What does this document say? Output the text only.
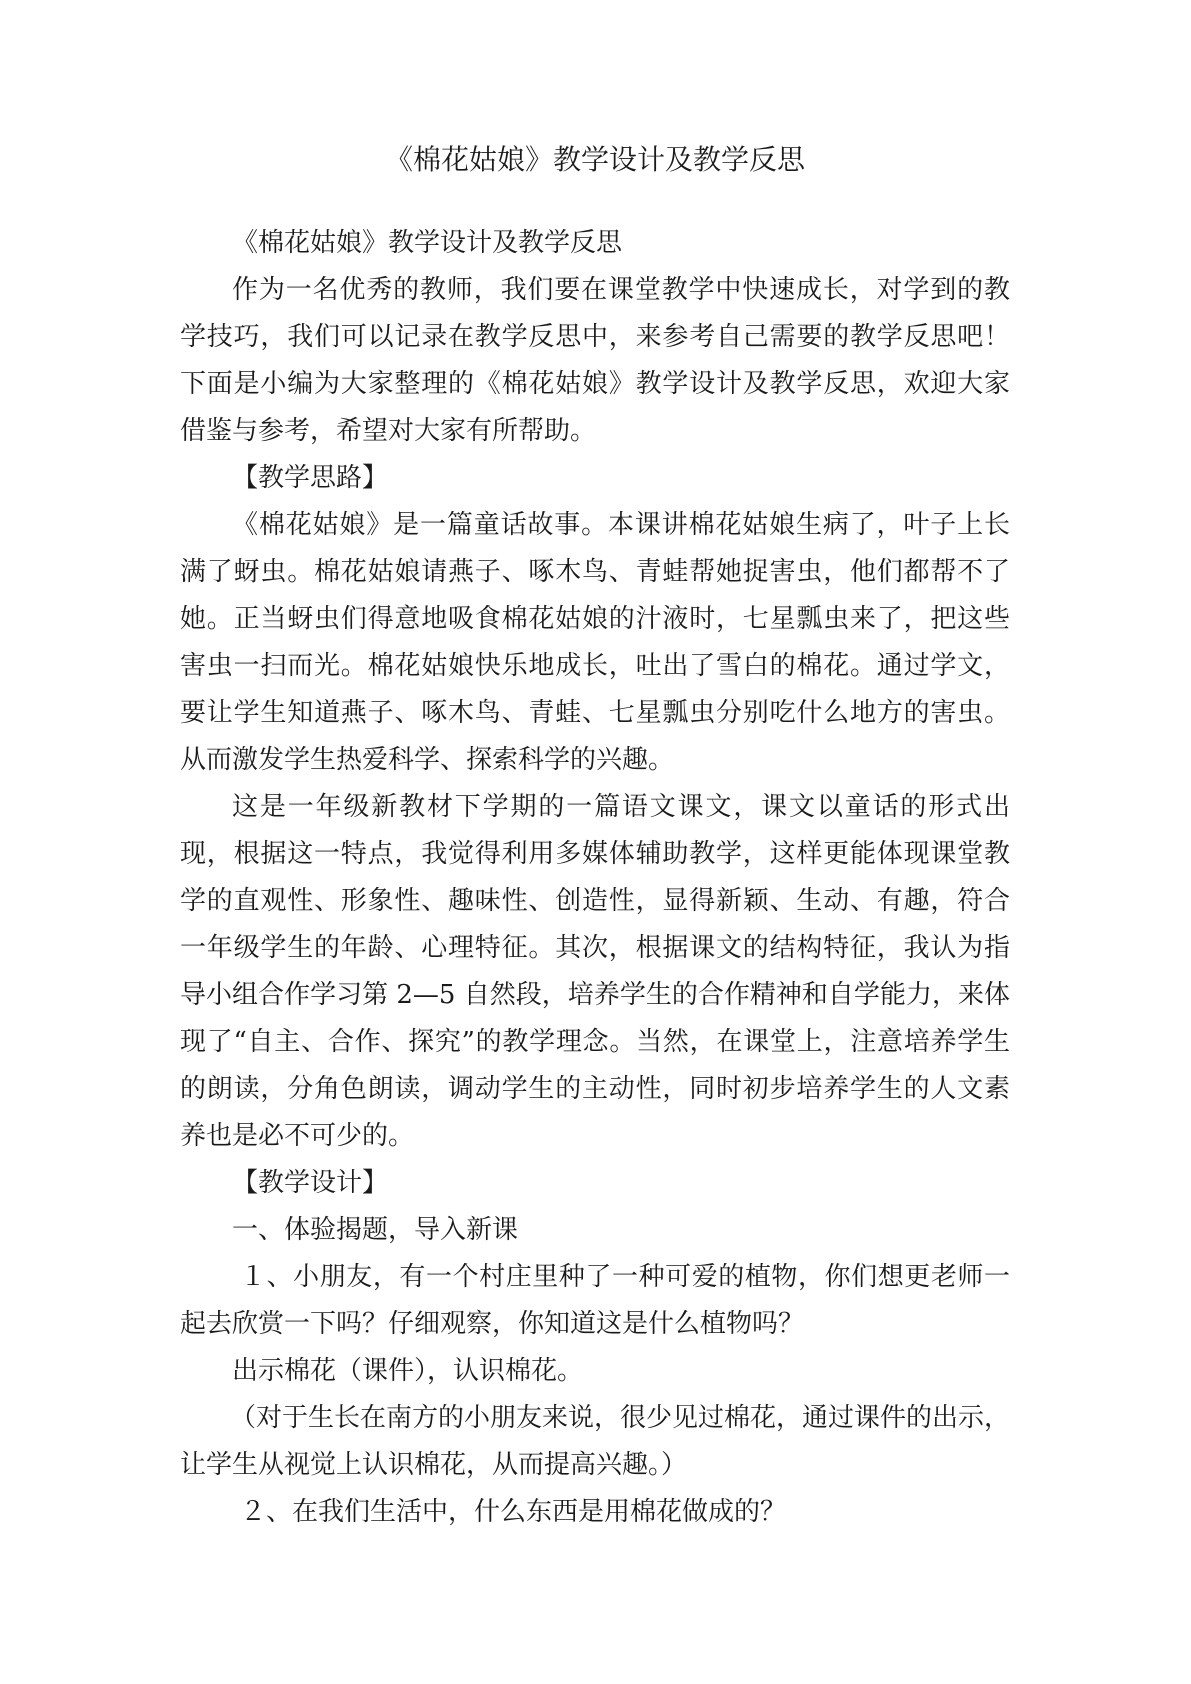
《棉花姑娘》教学设计及教学反思

《棉花姑娘》教学设计及教学反思

作为一名优秀的教师，我们要在课堂教学中快速成长，对学到的教学技巧，我们可以记录在教学反思中，来参考自己需要的教学反思吧！下面是小编为大家整理的《棉花姑娘》教学设计及教学反思，欢迎大家借鉴与参考，希望对大家有所帮助。

【教学思路】

《棉花姑娘》是一篇童话故事。本课讲棉花姑娘生病了，叶子上长满了蚜虫。棉花姑娘请燕子、啄木鸟、青蛙帮她捉害虫，他们都帮不了她。正当蚜虫们得意地吸食棉花姑娘的汁液时，七星瓢虫来了，把这些害虫一扫而光。棉花姑娘快乐地成长，吐出了雪白的棉花。通过学文，要让学生知道燕子、啄木鸟、青蛙、七星瓢虫分别吃什么地方的害虫。从而激发学生热爱科学、探索科学的兴趣。

这是一年级新教材下学期的一篇语文课文，课文以童话的形式出现，根据这一特点，我觉得利用多媒体辅助教学，这样更能体现课堂教学的直观性、形象性、趣味性、创造性，显得新颖、生动、有趣，符合一年级学生的年龄、心理特征。其次，根据课文的结构特征，我认为指导小组合作学习第 2—5 自然段，培养学生的合作精神和自学能力，来体现了“自主、合作、探究”的教学理念。当然，在课堂上，注意培养学生的朗读，分角色朗读，调动学生的主动性，同时初步培养学生的人文素养也是必不可少的。

【教学设计】

一、体验揭题，导入新课

１、小朋友，有一个村庄里种了一种可爱的植物，你们想更老师一起去欣赏一下吗？仔细观察，你知道这是什么植物吗？

出示棉花（课件），认识棉花。

（对于生长在南方的小朋友来说，很少见过棉花，通过课件的出示，让学生从视觉上认识棉花，从而提高兴趣。）

２、在我们生活中，什么东西是用棉花做成的？
